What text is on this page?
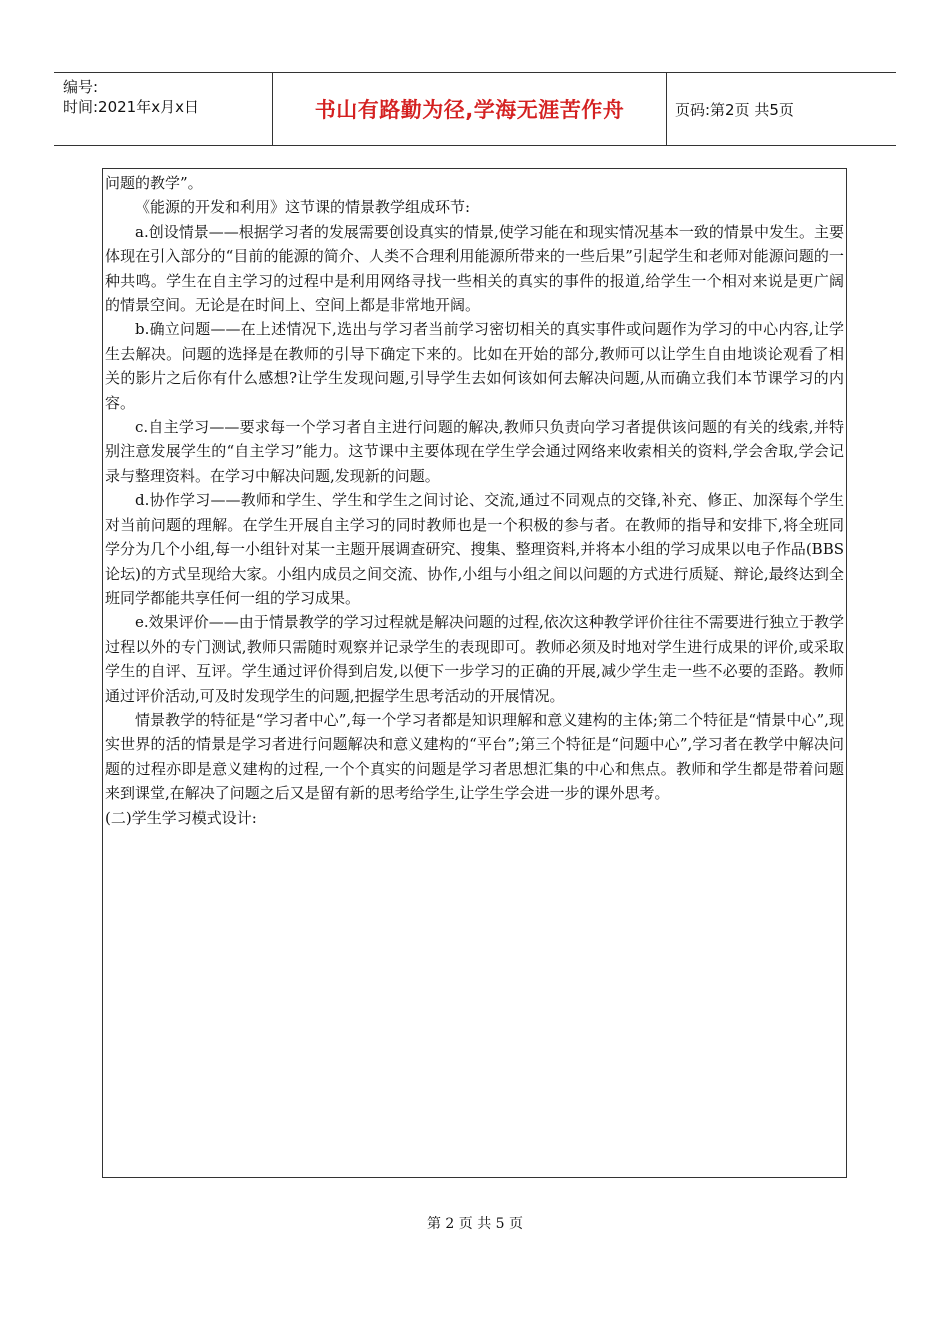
编号:
时间:2021年x月x日	书山有路勤为径,学海无涯苦作舟	页码:第2页 共5页

问题的教学”。

《能源的开发和利用》这节课的情景教学组成环节:

a.创设情景——根据学习者的发展需要创设真实的情景,使学习能在和现实情况基本一致的情景中发生。主要体现在引入部分的“目前的能源的简介、人类不合理利用能源所带来的一些后果”引起学生和老师对能源问题的一种共鸣。学生在自主学习的过程中是利用网络寻找一些相关的真实的事件的报道,给学生一个相对来说是更广阔的情景空间。无论是在时间上、空间上都是非常地开阔。

b.确立问题——在上述情况下,选出与学习者当前学习密切相关的真实事件或问题作为学习的中心内容,让学生去解决。问题的选择是在教师的引导下确定下来的。比如在开始的部分,教师可以让学生自由地谈论观看了相关的影片之后你有什么感想?让学生发现问题,引导学生去如何该如何去解决问题,从而确立我们本节课学习的内容。

c.自主学习——要求每一个学习者自主进行问题的解决,教师只负责向学习者提供该问题的有关的线索,并特别注意发展学生的“自主学习”能力。这节课中主要体现在学生学会通过网络来收索相关的资料,学会舍取,学会记录与整理资料。在学习中解决问题,发现新的问题。

d.协作学习——教师和学生、学生和学生之间讨论、交流,通过不同观点的交锋,补充、修正、加深每个学生对当前问题的理解。在学生开展自主学习的同时教师也是一个积极的参与者。在教师的指导和安排下,将全班同学分为几个小组,每一小组针对某一主题开展调查研究、搜集、整理资料,并将本小组的学习成果以电子作品(BBS论坛)的方式呈现给大家。小组内成员之间交流、协作,小组与小组之间以问题的方式进行质疑、辩论,最终达到全班同学都能共享任何一组的学习成果。

e.效果评价——由于情景教学的学习过程就是解决问题的过程,依次这种教学评价往往不需要进行独立于教学过程以外的专门测试,教师只需随时观察并记录学生的表现即可。教师必须及时地对学生进行成果的评价,或采取学生的自评、互评。学生通过评价得到启发,以便下一步学习的正确的开展,减少学生走一些不必要的歪路。教师通过评价活动,可及时发现学生的问题,把握学生思考活动的开展情况。

情景教学的特征是“学习者中心”,每一个学习者都是知识理解和意义建构的主体;第二个特征是“情景中心”,现实世界的活的情景是学习者进行问题解决和意义建构的“平台”;第三个特征是“问题中心”,学习者在教学中解决问题的过程亦即是意义建构的过程,一个个真实的问题是学习者思想汇集的中心和焦点。教师和学生都是带着问题来到课堂,在解决了问题之后又是留有新的思考给学生,让学生学会进一步的课外思考。

(二)学生学习模式设计:

第 2 页 共 5 页
